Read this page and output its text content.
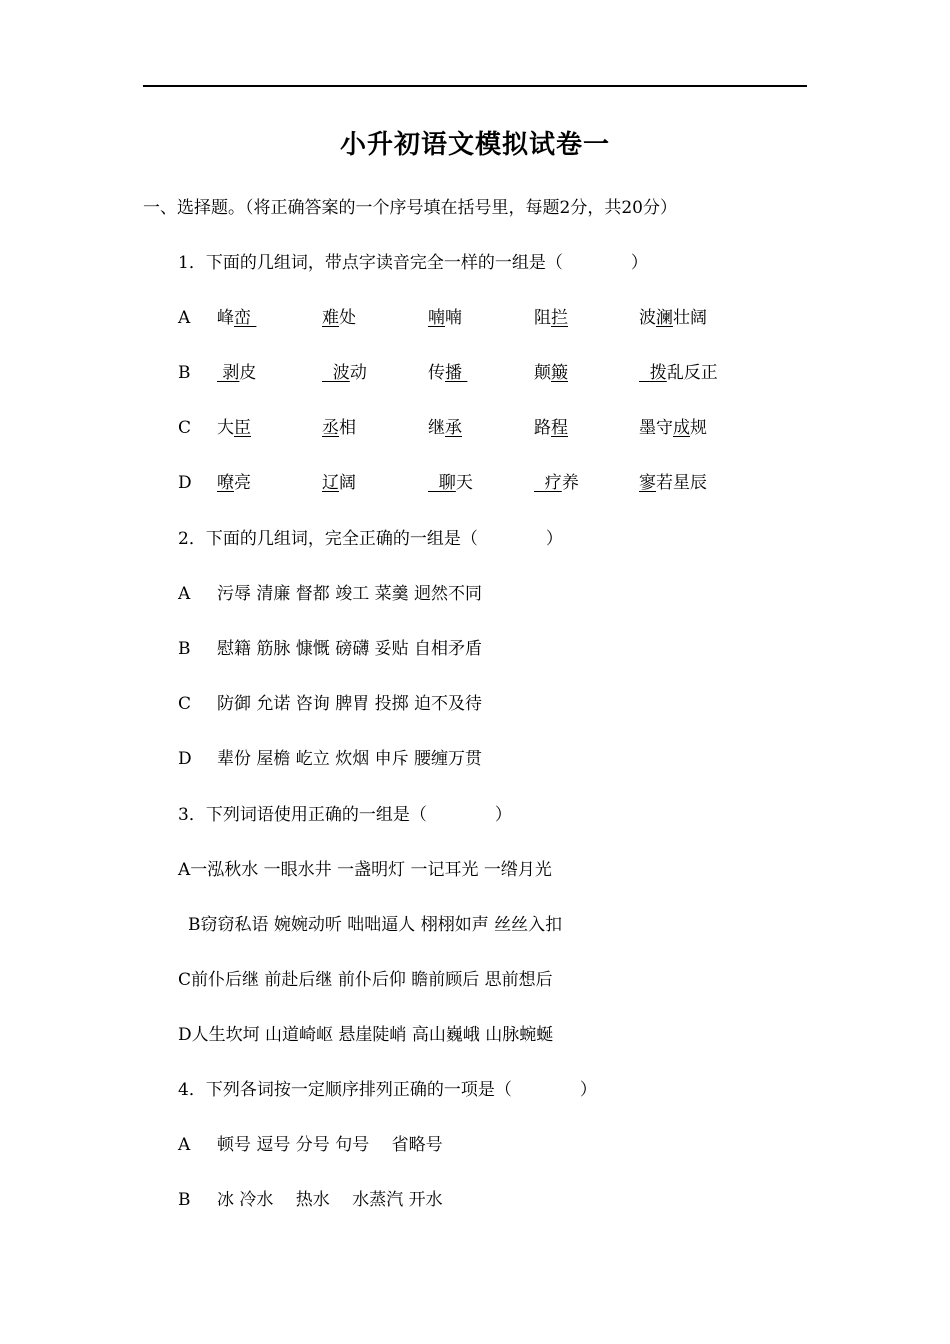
小升初语文模拟试卷一
一、选择题。（将正确答案的一个序号填在括号里，每题2分，共20分）
1．下面的几组词，带点字读音完全一样的一组是（　　　　）
A 峰峦	难处	喃喃	阻拦	波澜壮阔
B 剥皮	波动	传播	颠簸	拨乱反正
C 大臣	丞相	继承	路程	墨守成规
D 嘹亮	辽阔	聊天	疗养	寥若星辰
2．下面的几组词，完全正确的一组是（　　　　）
A 污辱 清廉 督都 竣工 菜羹 迥然不同
B 慰籍 筋脉 慷慨 磅礴 妥贴 自相矛盾
C 防御 允诺 咨询 脾胃 投掷 迫不及待
D 辈份 屋檐 屹立 炊烟 申斥 腰缠万贯
3．下列词语使用正确的一组是（　　　　）
A一泓秋水 一眼水井 一盏明灯 一记耳光 一绺月光
B窃窃私语 婉婉动听 咄咄逼人 栩栩如声 丝丝入扣
C前仆后继 前赴后继 前仆后仰 瞻前顾后 思前想后
D人生坎坷 山道崎岖 悬崖陡峭 高山巍峨 山脉蜿蜒
4．下列各词按一定顺序排列正确的一项是（　　　　）
A 顿号 逗号 分号 句号　 省略号
B 冰 冷水　 热水　 水蒸汽 开水
